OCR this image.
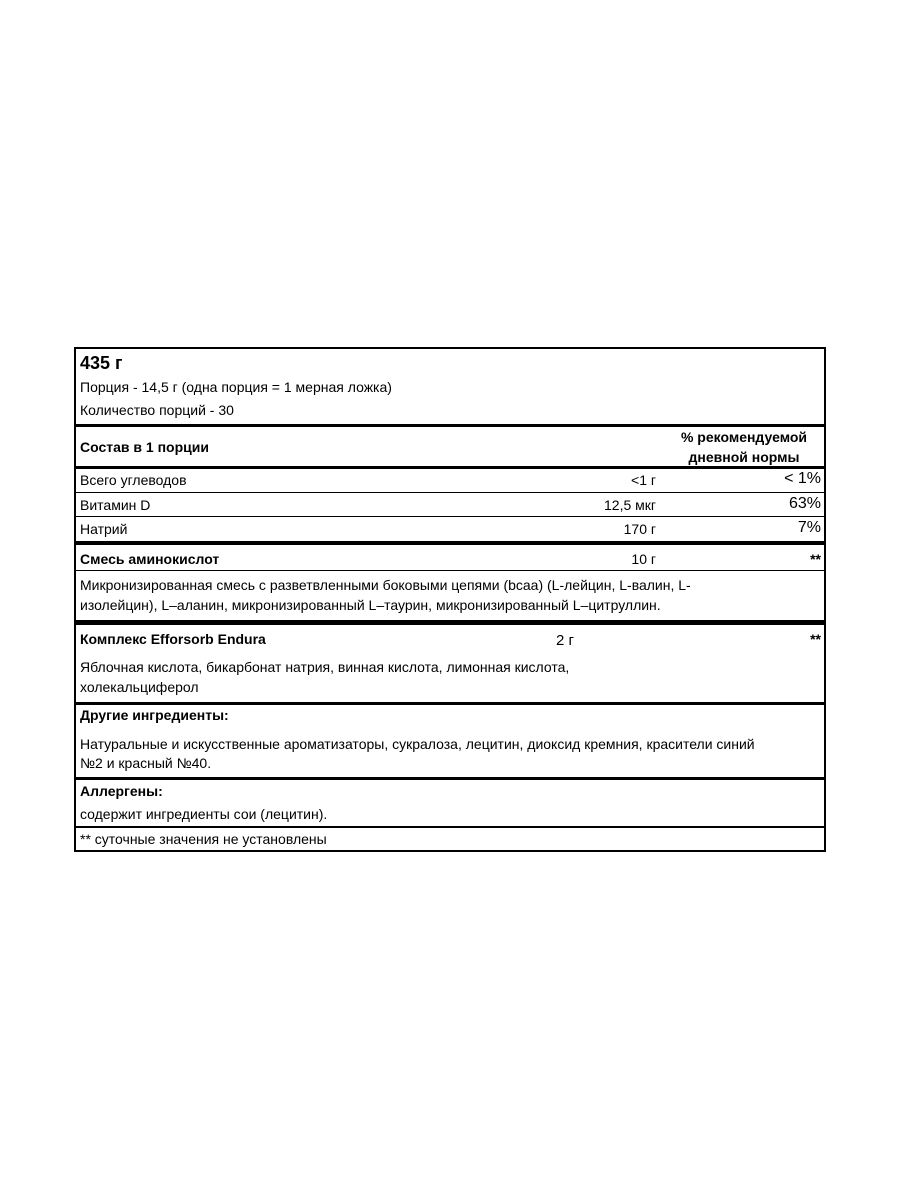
435 г
Порция - 14,5 г (одна порция = 1 мерная ложка)
Количество порций - 30
Состав в 1 порции
% рекомендуемой
дневной нормы
Всего углеводов	<1 г	< 1%
Витамин D	12,5 мкг	63%
Натрий	170 г	7%
Смесь аминокислот	10 г	**
Микронизированная смесь с разветвленными боковыми цепями (bcaa) (L-лейцин, L-валин, L-
изолейцин), L–аланин, микронизированный L–таурин, микронизированный L–цитруллин.
Комплекс Efforsorb Endura	2 г	**
Яблочная кислота, бикарбонат натрия, винная кислота, лимонная кислота,
холекальциферол
Другие ингредиенты:
Натуральные и искусственные ароматизаторы, сукралоза, лецитин, диоксид кремния, красители синий
№2 и красный №40.
Аллергены:
содержит ингредиенты сои (лецитин).
** суточные значения не установлены
